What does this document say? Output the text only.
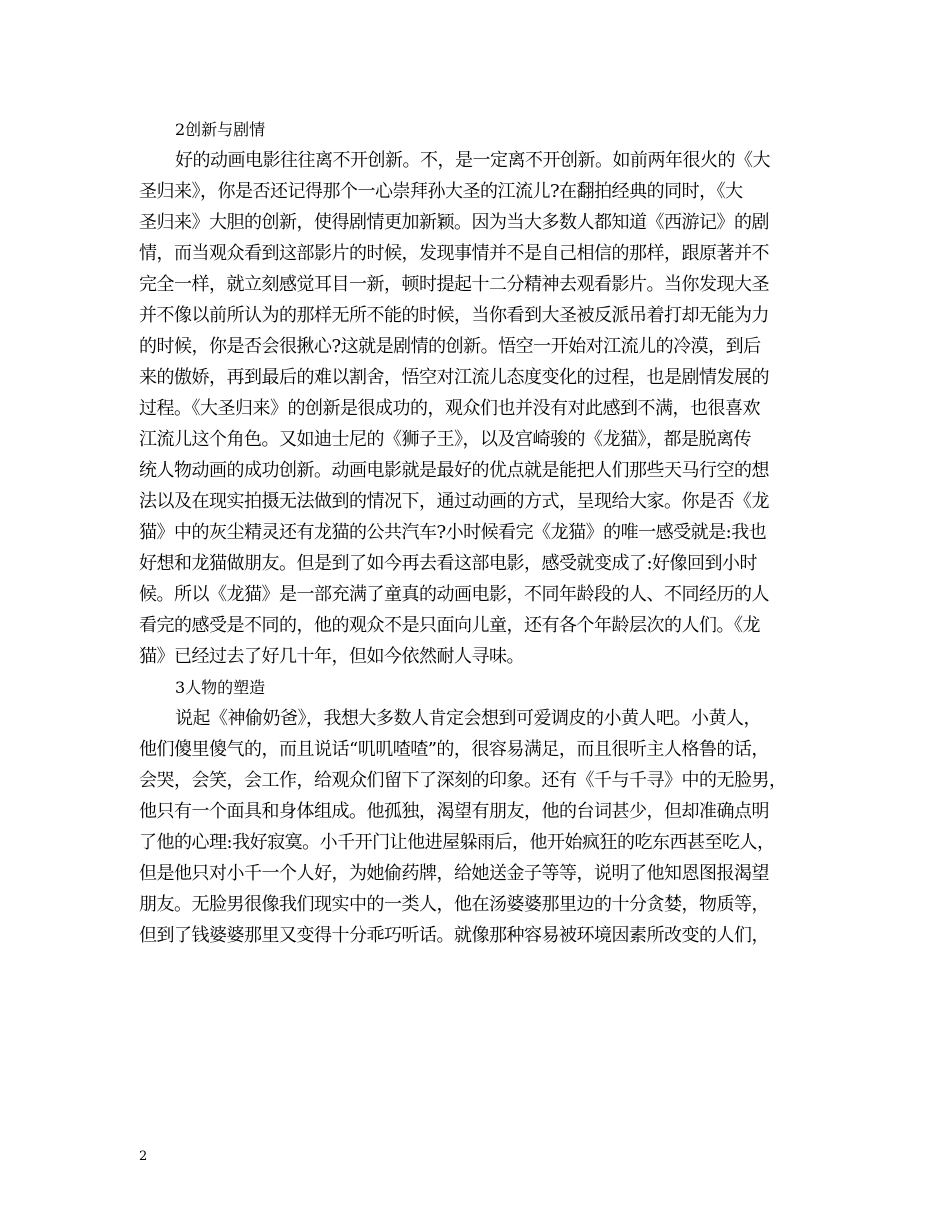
2创新与剧情
好的动画电影往往离不开创新。不，是一定离不开创新。如前两年很火的《大
圣归来》，你是否还记得那个一心崇拜孙大圣的江流儿?在翻拍经典的同时，《大
圣归来》大胆的创新，使得剧情更加新颖。因为当大多数人都知道《西游记》的剧
情，而当观众看到这部影片的时候，发现事情并不是自己相信的那样，跟原著并不
完全一样，就立刻感觉耳目一新，顿时提起十二分精神去观看影片。当你发现大圣
并不像以前所认为的那样无所不能的时候，当你看到大圣被反派吊着打却无能为力
的时候，你是否会很揪心?这就是剧情的创新。悟空一开始对江流儿的冷漠，到后
来的傲娇，再到最后的难以割舍，悟空对江流儿态度变化的过程，也是剧情发展的
过程。《大圣归来》的创新是很成功的，观众们也并没有对此感到不满，也很喜欢
江流儿这个角色。又如迪士尼的《狮子王》，以及宫崎骏的《龙猫》，都是脱离传
统人物动画的成功创新。动画电影就是最好的优点就是能把人们那些天马行空的想
法以及在现实拍摄无法做到的情况下，通过动画的方式，呈现给大家。你是否《龙
猫》中的灰尘精灵还有龙猫的公共汽车?小时候看完《龙猫》的唯一感受就是:我也
好想和龙猫做朋友。但是到了如今再去看这部电影，感受就变成了:好像回到小时
候。所以《龙猫》是一部充满了童真的动画电影，不同年龄段的人、不同经历的人
看完的感受是不同的，他的观众不是只面向儿童，还有各个年龄层次的人们。《龙
猫》已经过去了好几十年，但如今依然耐人寻味。
3人物的塑造
说起《神偷奶爸》，我想大多数人肯定会想到可爱调皮的小黄人吧。小黄人，
他们傻里傻气的，而且说话“叽叽喳喳”的，很容易满足，而且很听主人格鲁的话，
会哭，会笑，会工作，给观众们留下了深刻的印象。还有《千与千寻》中的无脸男，
他只有一个面具和身体组成。他孤独，渴望有朋友，他的台词甚少，但却准确点明
了他的心理:我好寂寞。小千开门让他进屋躲雨后，他开始疯狂的吃东西甚至吃人，
但是他只对小千一个人好，为她偷药牌，给她送金子等等，说明了他知恩图报渴望
朋友。无脸男很像我们现实中的一类人，他在汤婆婆那里边的十分贪婪，物质等，
但到了钱婆婆那里又变得十分乖巧听话。就像那种容易被环境因素所改变的人们，
2
